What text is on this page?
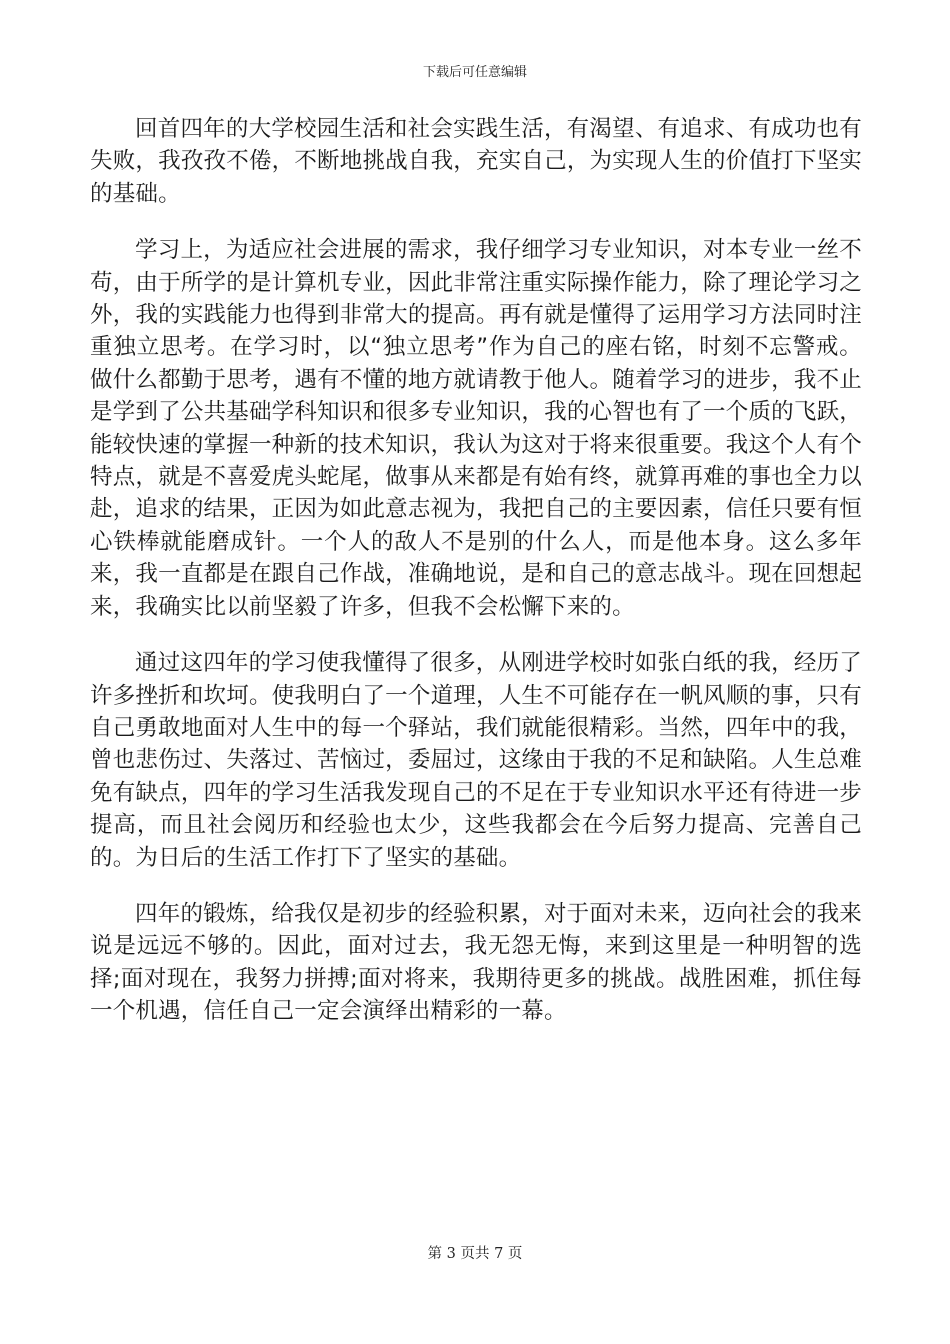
下载后可任意编辑

回首四年的大学校园生活和社会实践生活，有渴望、有追求、有成功也有失败，我孜孜不倦，不断地挑战自我，充实自己，为实现人生的价值打下坚实的基础。

学习上，为适应社会进展的需求，我仔细学习专业知识，对本专业一丝不苟，由于所学的是计算机专业，因此非常注重实际操作能力，除了理论学习之外，我的实践能力也得到非常大的提高。再有就是懂得了运用学习方法同时注重独立思考。在学习时，以“独立思考”作为自己的座右铭，时刻不忘警戒。做什么都勤于思考，遇有不懂的地方就请教于他人。随着学习的进步，我不止是学到了公共基础学科知识和很多专业知识，我的心智也有了一个质的飞跃，能较快速的掌握一种新的技术知识，我认为这对于将来很重要。我这个人有个特点，就是不喜爱虎头蛇尾，做事从来都是有始有终，就算再难的事也全力以赴，追求的结果，正因为如此意志视为，我把自己的主要因素，信任只要有恒心铁棒就能磨成针。一个人的敌人不是别的什么人，而是他本身。这么多年来，我一直都是在跟自己作战，准确地说，是和自己的意志战斗。现在回想起来，我确实比以前坚毅了许多，但我不会松懈下来的。

通过这四年的学习使我懂得了很多，从刚进学校时如张白纸的我，经历了许多挫折和坎坷。使我明白了一个道理，人生不可能存在一帆风顺的事，只有自己勇敢地面对人生中的每一个驿站，我们就能很精彩。当然，四年中的我，曾也悲伤过、失落过、苦恼过，委屈过，这缘由于我的不足和缺陷。人生总难免有缺点，四年的学习生活我发现自己的不足在于专业知识水平还有待进一步提高，而且社会阅历和经验也太少，这些我都会在今后努力提高、完善自己的。为日后的生活工作打下了坚实的基础。

四年的锻炼，给我仅是初步的经验积累，对于面对未来，迈向社会的我来说是远远不够的。因此，面对过去，我无怨无悔，来到这里是一种明智的选择;面对现在，我努力拼搏;面对将来，我期待更多的挑战。战胜困难，抓住每一个机遇，信任自己一定会演绎出精彩的一幕。

第 3 页共 7 页
